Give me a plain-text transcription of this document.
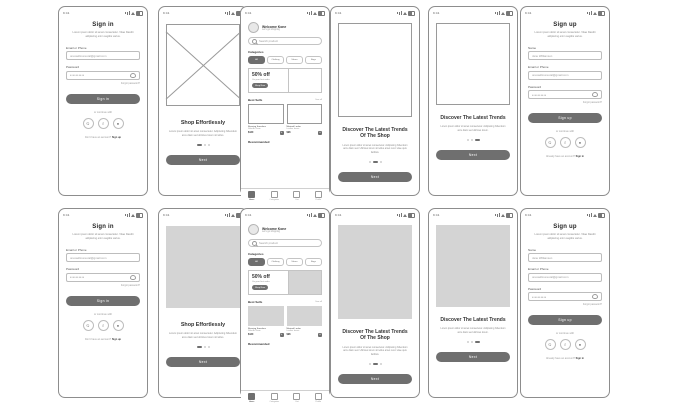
9:41
Sign in
Lorem ipsum dolor sit amet consectetur. Vitae blandit adipiscing enim sagittis varius.
Email or Phone
oreosellmoreoral@gmail.com
Password
••••••••••
Forgot password?
Sign in
or continue with
G	f	●
Don't have an account? Sign up
9:41
Shop Effortlessly
Lorem ipsum dolor sit amet consectetur. Adipiscing bibendum arcu diam sed ultricies lorem sit tellus.
Next
9:41
Welcome Kone
Let's go shopping
Search product
Categories
All	Clothing	Shoes	Bags
50% off
On your first order
Shop Now
Best Sells	See all
Running Sneakers
Nike Air Zoom
$120	+
Minimal Loafer
Leather brown
$98	+
Recommended
Home	Categories	Cart	Profile
9:41
Discover The Latest Trends Of The Shop
Lorem ipsum dolor sit amet consectetur. Adipiscing bibendum arcu diam sed. Ultricies lorem sit tellus amet nunc vitae quis facilisis.
Next
9:41
Discover The Latest Trends
Lorem ipsum dolor sit amet consectetur. Adipiscing bibendum arcu diam sed ultricies lorem.
Next
9:41
Sign up
Lorem ipsum dolor sit amet consectetur. Vitae blandit adipiscing enim sagittis varius.
Name
Jane Williamson
Email or Phone
oreosellmoreoral@gmail.com
Password
••••••••••
Forgot password?
Sign up
or continue with
G	f	●
Already have an account? Sign in
9:41
Sign in
Lorem ipsum dolor sit amet consectetur. Vitae blandit adipiscing enim sagittis varius.
Email or Phone
oreosellmoreoral@gmail.com
Password
••••••••••
Forgot password?
Sign in
or continue with
G	f	●
Don't have an account? Sign up
9:41
Shop Effortlessly
Lorem ipsum dolor sit amet consectetur. Adipiscing bibendum arcu diam sed ultricies lorem sit tellus.
Next
9:41
Welcome Kone
Let's go shopping
Search product
Categories
All	Clothing	Shoes	Bags
50% off
On your first order
Shop Now
Best Sells	See all
Running Sneakers
Nike Air Zoom
$120	+
Minimal Loafer
Leather brown
$98	+
Recommended
Home	Categories	Cart	Profile
9:41
Discover The Latest Trends Of The Shop
Lorem ipsum dolor sit amet consectetur. Adipiscing bibendum arcu diam sed. Ultricies lorem sit tellus amet nunc vitae quis facilisis.
Next
9:41
Discover The Latest Trends
Lorem ipsum dolor sit amet consectetur. Adipiscing bibendum arcu diam sed ultricies lorem.
Next
9:41
Sign up
Lorem ipsum dolor sit amet consectetur. Vitae blandit adipiscing enim sagittis varius.
Name
Jane Williamson
Email or Phone
oreosellmoreoral@gmail.com
Password
••••••••••
Forgot password?
Sign up
or continue with
G	f	●
Already have an account? Sign in
